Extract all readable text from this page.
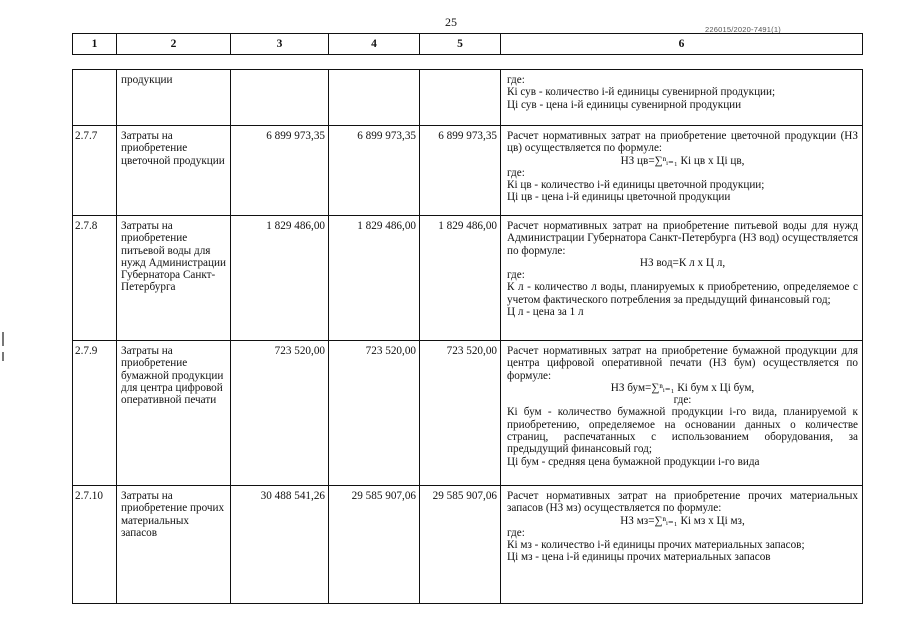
25
226015/2020-7491(1)
1	2	3	4	5	6
	продукции				где:
Кi сув - количество i-й единицы сувенирной продукции;
Цi сув - цена i-й единицы сувенирной продукции

2.7.7	Затраты на приобретение цветочной продукции	6 899 973,35	6 899 973,35	6 899 973,35	Расчет нормативных затрат на приобретение цветочной продукции (НЗ цв) осуществляется по формуле:
НЗ цв=∑ⁿᵢ₌₁ Кi цв х Цi цв,
где:
Кi цв - количество i-й единицы цветочной продукции;
Цi цв - цена i-й единицы цветочной продукции

2.7.8	Затраты на приобретение питьевой воды для нужд Администрации Губернатора Санкт-Петербурга	1 829 486,00	1 829 486,00	1 829 486,00	Расчет нормативных затрат на приобретение питьевой воды для нужд Администрации Губернатора Санкт-Петербурга (НЗ вод) осуществляется по формуле:
НЗ вод=К л х Ц л,
где:
К л - количество л воды, планируемых к приобретению, определяемое с учетом фактического потребления за предыдущий финансовый год;
Ц л - цена за 1 л

2.7.9	Затраты на приобретение бумажной продукции для центра цифровой оперативной печати	723 520,00	723 520,00	723 520,00	Расчет нормативных затрат на приобретение бумажной продукции для центра цифровой оперативной печати (НЗ бум) осуществляется по формуле:
НЗ бум=∑ⁿᵢ₌₁ Кi бум х Цi бум,
где:
Кi бум - количество бумажной продукции i-го вида, планируемой к приобретению, определяемое на основании данных о количестве страниц, распечатанных с использованием оборудования, за предыдущий финансовый год;
Цi бум - средняя цена бумажной продукции i-го вида

2.7.10	Затраты на приобретение прочих материальных запасов	30 488 541,26	29 585 907,06	29 585 907,06	Расчет нормативных затрат на приобретение прочих материальных запасов (НЗ мз) осуществляется по формуле:
НЗ мз=∑ⁿᵢ₌₁ Кi мз х Цi мз,
где:
Кi мз - количество i-й единицы прочих материальных запасов;
Цi мз - цена i-й единицы прочих материальных запасов
